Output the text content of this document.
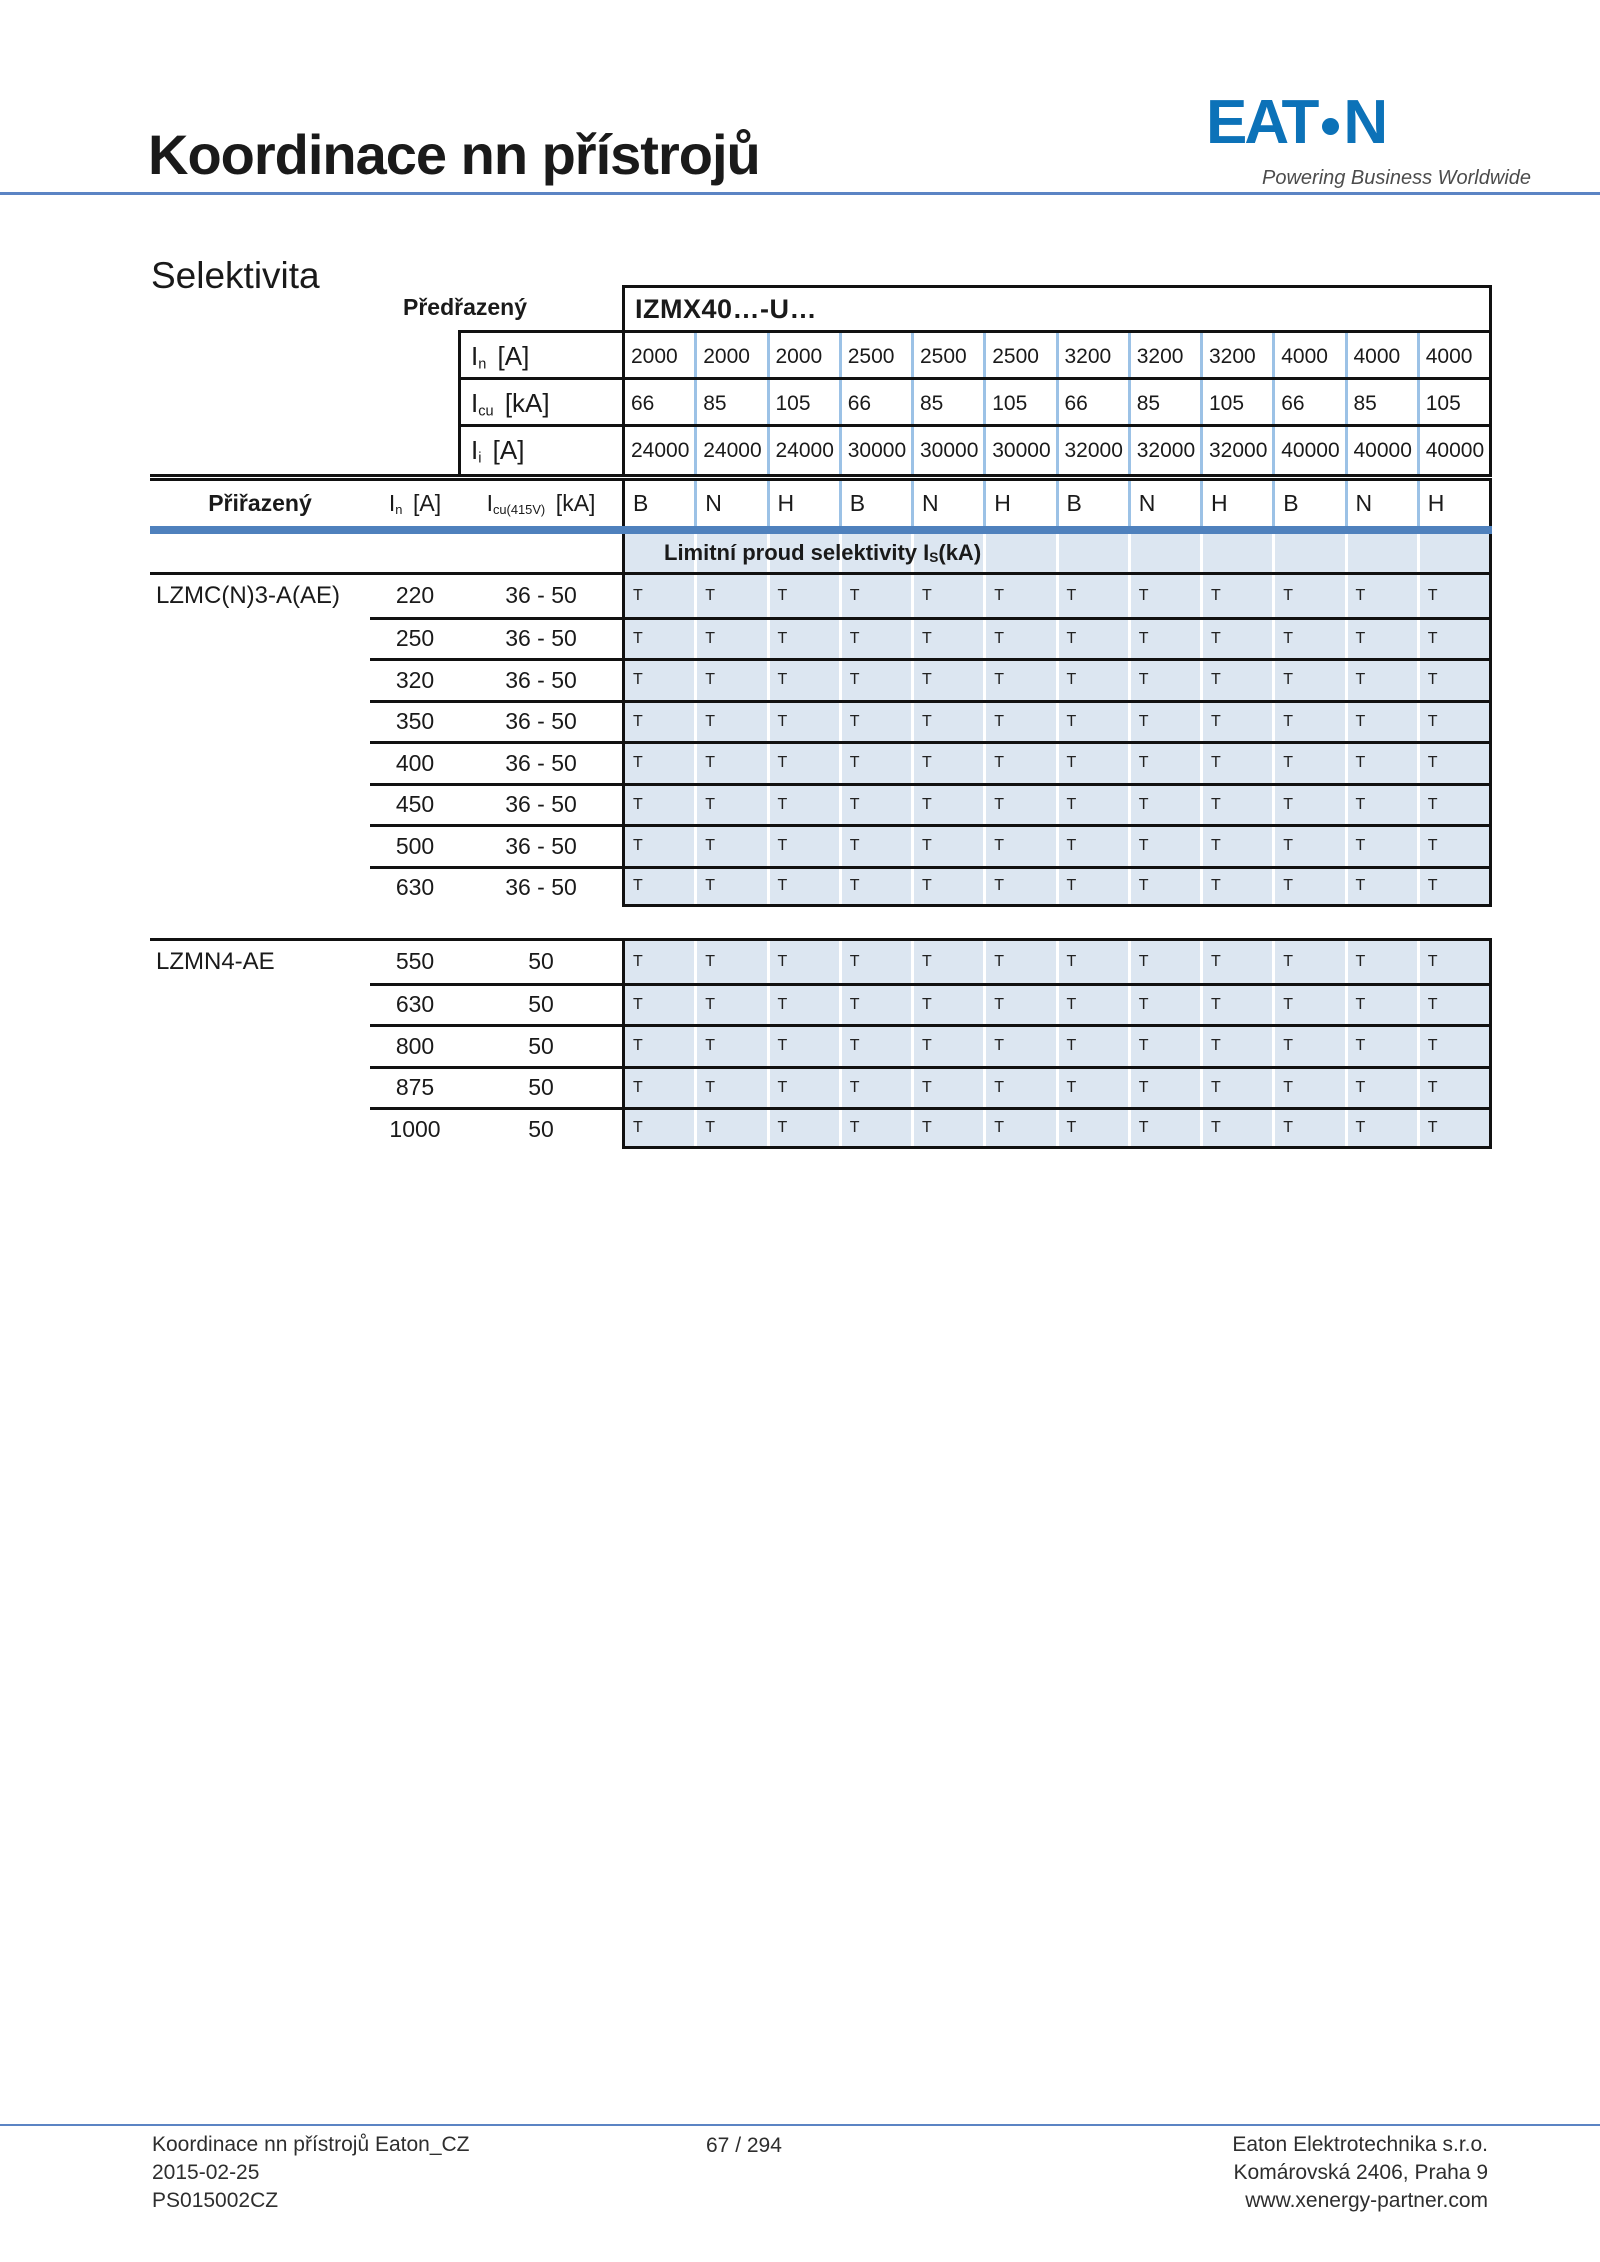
Koordinace nn přístrojů	EAT N
Powering Business Worldwide
Selektivita
Předřazený	IZMX40…-U…
$I_n$ [A]	2000	2000	2000	2500	2500	2500	3200	3200	3200	4000	4000	4000
$I_{cu}$ [kA]	66	85	105	66	85	105	66	85	105	66	85	105
$I_i$ [A]	24000 24000 24000 30000 30000 30000 32000 32000 32000 40000 40000 40000
Přiřazený	$I_n$ [A] $I_{cu(415V)}$ [kA]	B	N	H	B	N	H	B	N	H	B	N	H
Limitní proud selektivity I S (kA)
LZMC(N)3-A(AE)	220	36 - 50	T	T	T	T	T	T	T	T	T	T	T	T
250	36 - 50	T	T	T	T	T	T	T	T	T	T	T	T
320	36 - 50	T	T	T	T	T	T	T	T	T	T	T	T
350	36 - 50	T	T	T	T	T	T	T	T	T	T	T	T
400	36 - 50	T	T	T	T	T	T	T	T	T	T	T	T
450	36 - 50	T	T	T	T	T	T	T	T	T	T	T	T
500	36 - 50	T	T	T	T	T	T	T	T	T	T	T	T
630	36 - 50	T	T	T	T	T	T	T	T	T	T	T	T
LZMN4-AE	550	50	T	T	T	T	T	T	T	T	T	T	T	T
630	50	T	T	T	T	T	T	T	T	T	T	T	T
800	50	T	T	T	T	T	T	T	T	T	T	T	T
875	50	T	T	T	T	T	T	T	T	T	T	T	T
1000	50	T	T	T	T	T	T	T	T	T	T	T	T
Koordinace nn přístrojů Eaton_CZ
2015-02-25
PS015002CZ
67 / 294	Eaton Elektrotechnika s.r.o.
Komárovská 2406, Praha 9
www.xenergy-partner.com
